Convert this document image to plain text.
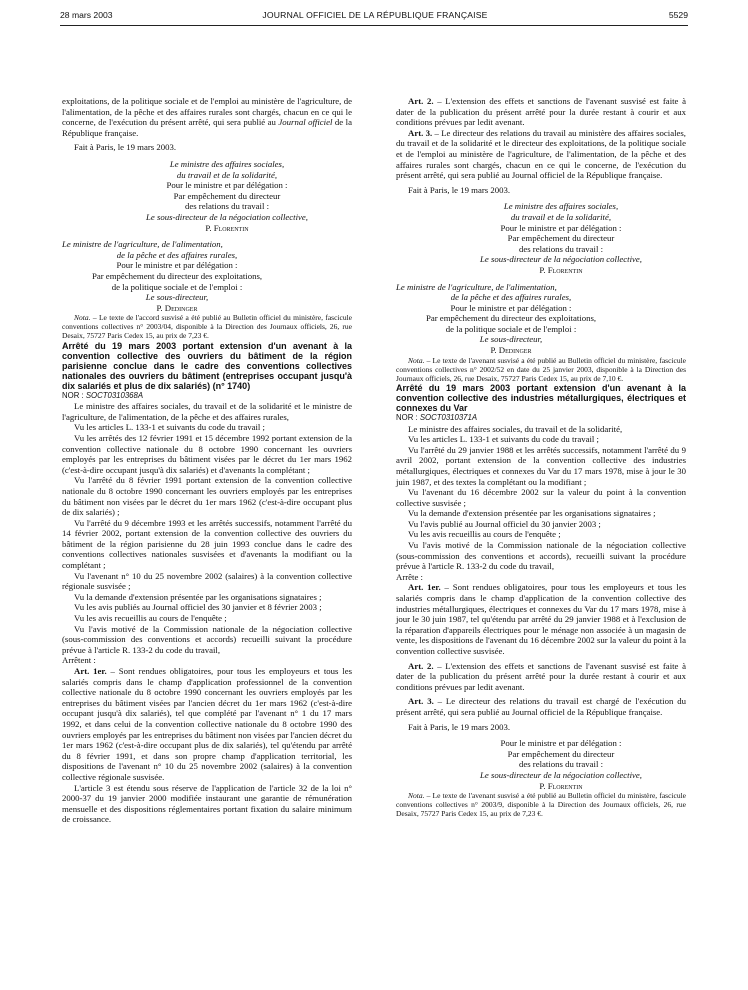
28 mars 2003	JOURNAL OFFICIEL DE LA RÉPUBLIQUE FRANÇAISE	5529

exploitations, de la politique sociale et de l'emploi au ministère de l'agriculture, de l'alimentation, de la pêche et des affaires rurales sont chargés, chacun en ce qui le concerne, de l'exécution du présent arrêté, qui sera publié au Journal officiel de la République française.

Fait à Paris, le 19 mars 2003.

Le ministre des affaires sociales,

du travail et de la solidarité,

Pour le ministre et par délégation :

Par empêchement du directeur

des relations du travail :

Le sous-directeur de la négociation collective,

P. Florentin

Le ministre de l'agriculture, de l'alimentation,

de la pêche et des affaires rurales,

Pour le ministre et par délégation :

Par empêchement du directeur des exploitations,

de la politique sociale et de l'emploi :

Le sous-directeur,

P. Dedinger

Nota. – Le texte de l'accord susvisé a été publié au Bulletin officiel du ministère, fascicule conventions collectives n° 2003/04, disponible à la Direction des Journaux officiels, 26, rue Desaix, 75727 Paris Cedex 15, au prix de 7,23 €.

Arrêté du 19 mars 2003 portant extension d'un avenant à la convention collective des ouvriers du bâtiment de la région parisienne conclue dans le cadre des conventions collectives nationales des ouvriers du bâtiment (entreprises occupant jusqu'à dix salariés et plus de dix salariés) (n° 1740)

NOR : SOCT0310368A

Le ministre des affaires sociales, du travail et de la solidarité et le ministre de l'agriculture, de l'alimentation, de la pêche et des affaires rurales,

Vu les articles L. 133-1 et suivants du code du travail ;

Vu les arrêtés des 12 février 1991 et 15 décembre 1992 portant extension de la convention collective nationale du 8 octobre 1990 concernant les ouvriers employés par les entreprises du bâtiment visées par le décret du 1er mars 1962 (c'est-à-dire occupant jusqu'à dix salariés) et d'avenants la complétant ;

Vu l'arrêté du 8 février 1991 portant extension de la convention collective nationale du 8 octobre 1990 concernant les ouvriers employés par les entreprises du bâtiment non visées par le décret du 1er mars 1962 (c'est-à-dire occupant plus de dix salariés) ;

Vu l'arrêté du 9 décembre 1993 et les arrêtés successifs, notamment l'arrêté du 14 février 2002, portant extension de la convention collective des ouvriers du bâtiment de la région parisienne du 28 juin 1993 conclue dans le cadre des conventions collectives nationales susvisées et d'avenants la modifiant ou la complétant ;

Vu l'avenant n° 10 du 25 novembre 2002 (salaires) à la convention collective régionale susvisée ;

Vu la demande d'extension présentée par les organisations signataires ;

Vu les avis publiés au Journal officiel des 30 janvier et 8 février 2003 ;

Vu les avis recueillis au cours de l'enquête ;

Vu l'avis motivé de la Commission nationale de la négociation collective (sous-commission des conventions et accords) recueilli suivant la procédure prévue à l'article R. 133-2 du code du travail,

Arrêtent :

Art. 1er. – Sont rendues obligatoires, pour tous les employeurs et tous les salariés compris dans le champ d'application professionnel de la convention collective nationale du 8 octobre 1990 concernant les ouvriers employés par les entreprises du bâtiment visées par l'ancien décret du 1er mars 1962 (c'est-à-dire occupant jusqu'à dix salariés), tel que complété par l'avenant n° 1 du 17 mars 1992, et dans celui de la convention collective nationale du 8 octobre 1990 des ouvriers employés par les entreprises du bâtiment non visées par l'ancien décret du 1er mars 1962 (c'est-à-dire occupant plus de dix salariés), tel qu'étendu par arrêté du 8 février 1991, et dans son propre champ d'application territorial, les dispositions de l'avenant n° 10 du 25 novembre 2002 (salaires) à la convention collective régionale susvisée.

L'article 3 est étendu sous réserve de l'application de l'article 32 de la loi n° 2000-37 du 19 janvier 2000 modifiée instaurant une garantie de rémunération mensuelle et des dispositions réglementaires portant fixation du salaire minimum de croissance.

Art. 2. – L'extension des effets et sanctions de l'avenant susvisé est faite à dater de la publication du présent arrêté pour la durée restant à courir et aux conditions prévues par ledit avenant.

Art. 3. – Le directeur des relations du travail au ministère des affaires sociales, du travail et de la solidarité et le directeur des exploitations, de la politique sociale et de l'emploi au ministère de l'agriculture, de l'alimentation, de la pêche et des affaires rurales sont chargés, chacun en ce qui le concerne, de l'exécution du présent arrêté, qui sera publié au Journal officiel de la République française.

Fait à Paris, le 19 mars 2003.

Le ministre des affaires sociales,

du travail et de la solidarité,

Pour le ministre et par délégation :

Par empêchement du directeur

des relations du travail :

Le sous-directeur de la négociation collective,

P. Florentin

Le ministre de l'agriculture, de l'alimentation,

de la pêche et des affaires rurales,

Pour le ministre et par délégation :

Par empêchement du directeur des exploitations,

de la politique sociale et de l'emploi :

Le sous-directeur,

P. Dedinger

Nota. – Le texte de l'avenant susvisé a été publié au Bulletin officiel du ministère, fascicule conventions collectives n° 2002/52 en date du 25 janvier 2003, disponible à la Direction des Journaux officiels, 26, rue Desaix, 75727 Paris Cedex 15, au prix de 7,10 €.

Arrêté du 19 mars 2003 portant extension d'un avenant à la convention collective des industries métallurgiques, électriques et connexes du Var

NOR : SOCT0310371A

Le ministre des affaires sociales, du travail et de la solidarité,

Vu les articles L. 133-1 et suivants du code du travail ;

Vu l'arrêté du 29 janvier 1988 et les arrêtés successifs, notamment l'arrêté du 9 avril 2002, portant extension de la convention collective des industries métallurgiques, électriques et connexes du Var du 17 mars 1978, mise à jour le 30 juin 1987, et des textes la complétant ou la modifiant ;

Vu l'avenant du 16 décembre 2002 sur la valeur du point à la convention collective susvisée ;

Vu la demande d'extension présentée par les organisations signataires ;

Vu l'avis publié au Journal officiel du 30 janvier 2003 ;

Vu les avis recueillis au cours de l'enquête ;

Vu l'avis motivé de la Commission nationale de la négociation collective (sous-commission des conventions et accords), recueilli suivant la procédure prévue à l'article R. 133-2 du code du travail,

Arrête :

Art. 1er. – Sont rendues obligatoires, pour tous les employeurs et tous les salariés compris dans le champ d'application de la convention collective des industries métallurgiques, électriques et connexes du Var du 17 mars 1978, mise à jour le 30 juin 1987, tel qu'étendu par arrêté du 29 janvier 1988 et à l'exclusion de la réparation d'appareils électriques pour le ménage non associée à un magasin de vente, les dispositions de l'avenant du 16 décembre 2002 sur la valeur du point à la convention collective susvisée.

Art. 2. – L'extension des effets et sanctions de l'avenant susvisé est faite à dater de la publication du présent arrêté pour la durée restant à courir et aux conditions prévues par ledit avenant.

Art. 3. – Le directeur des relations du travail est chargé de l'exécution du présent arrêté, qui sera publié au Journal officiel de la République française.

Fait à Paris, le 19 mars 2003.

Pour le ministre et par délégation :

Par empêchement du directeur

des relations du travail :

Le sous-directeur de la négociation collective,

P. Florentin

Nota. – Le texte de l'avenant susvisé a été publié au Bulletin officiel du ministère, fascicule conventions collectives n° 2003/9, disponible à la Direction des Journaux officiels, 26, rue Desaix, 75727 Paris Cedex 15, au prix de 7,23 €.
